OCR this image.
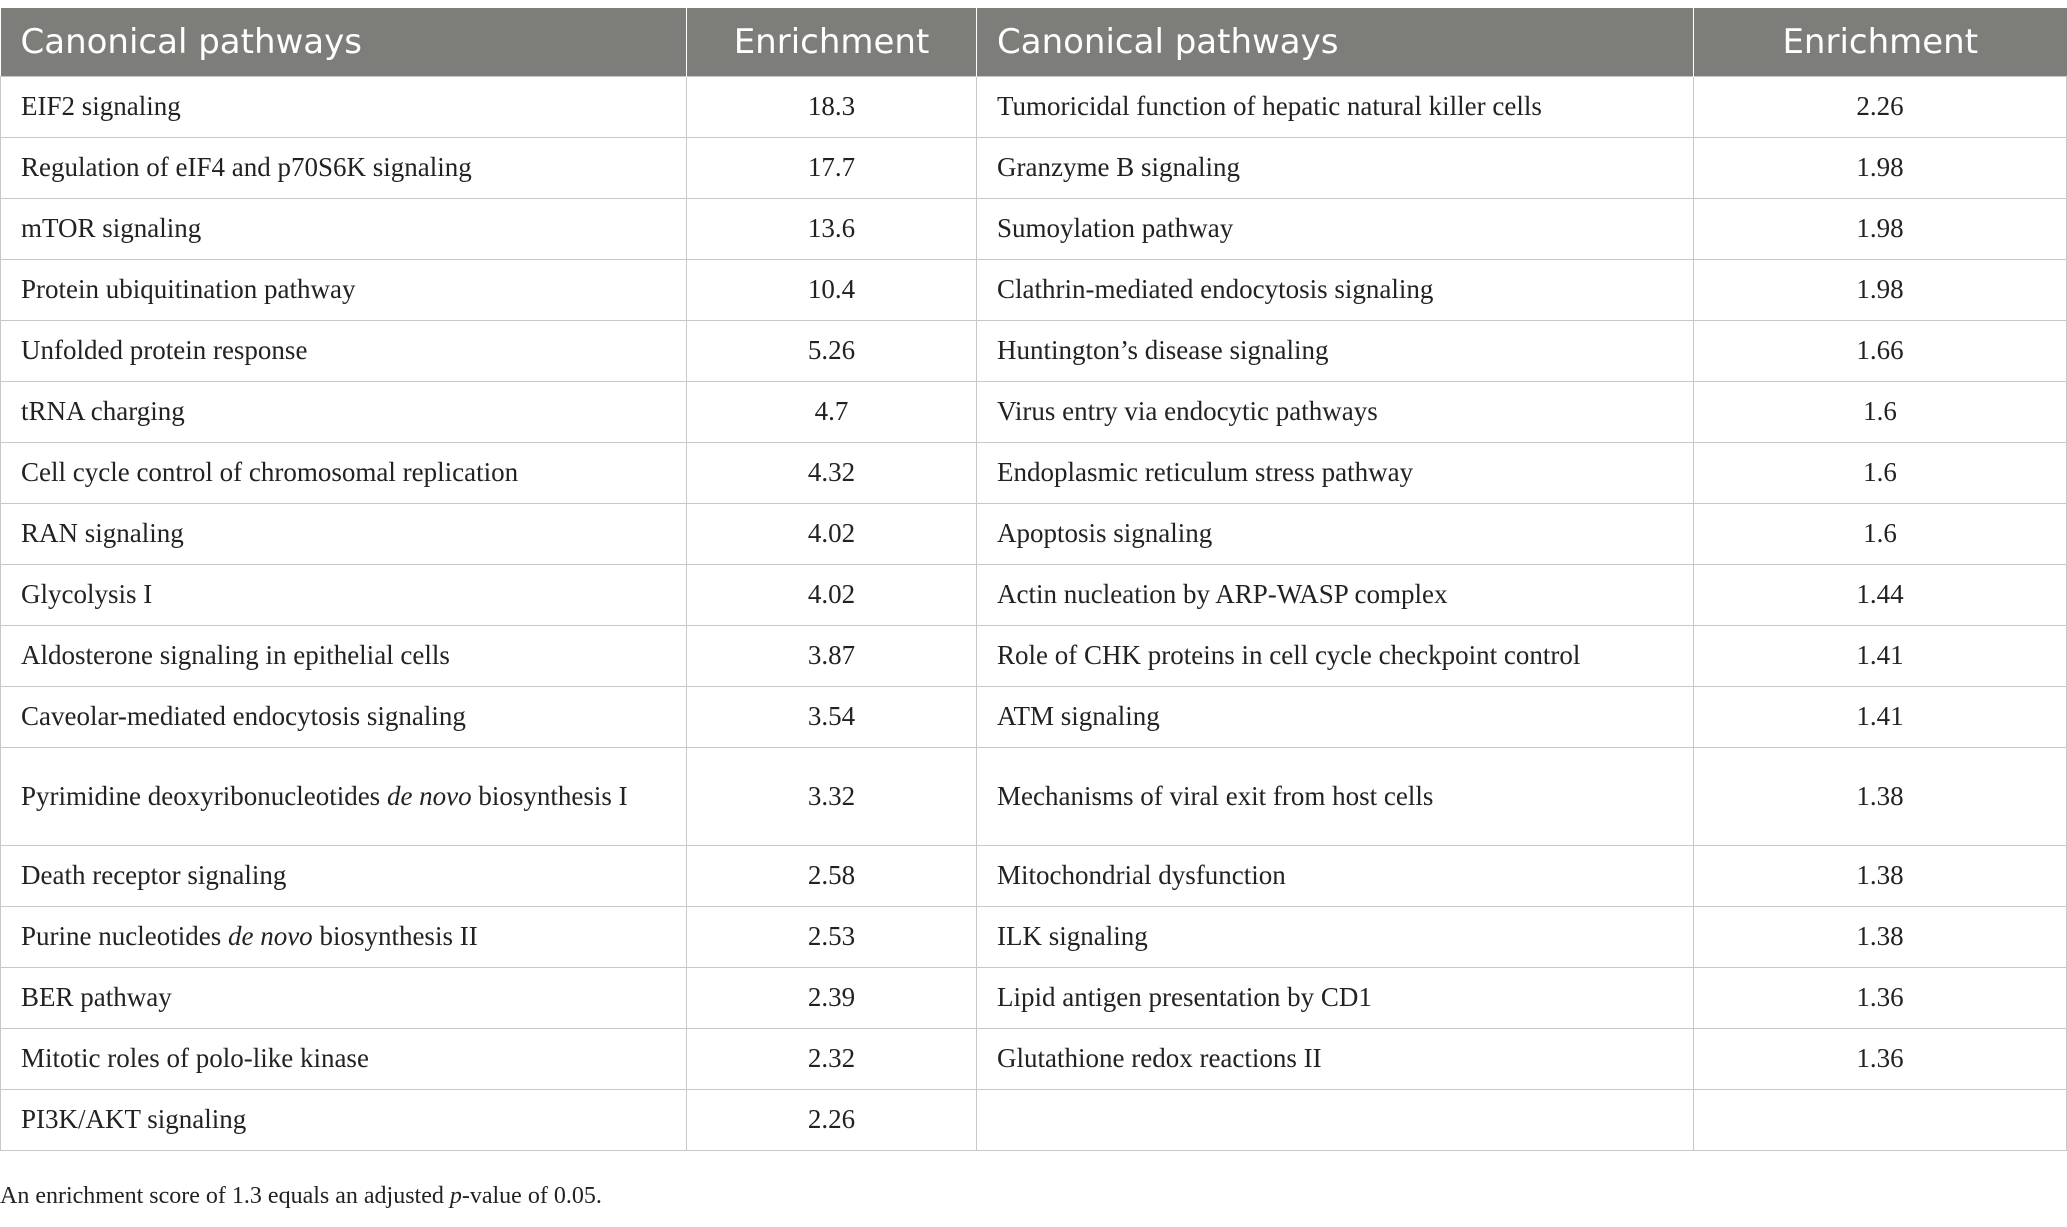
Canonical pathways	Enrichment	Canonical pathways	Enrichment
EIF2 signaling	18.3	Tumoricidal function of hepatic natural killer cells	2.26
Regulation of eIF4 and p70S6K signaling	17.7	Granzyme B signaling	1.98
mTOR signaling	13.6	Sumoylation pathway	1.98
Protein ubiquitination pathway	10.4	Clathrin-mediated endocytosis signaling	1.98
Unfolded protein response	5.26	Huntington’s disease signaling	1.66
tRNA charging	4.7	Virus entry via endocytic pathways	1.6
Cell cycle control of chromosomal replication	4.32	Endoplasmic reticulum stress pathway	1.6
RAN signaling	4.02	Apoptosis signaling	1.6
Glycolysis I	4.02	Actin nucleation by ARP-WASP complex	1.44
Aldosterone signaling in epithelial cells	3.87	Role of CHK proteins in cell cycle checkpoint control	1.41
Caveolar-mediated endocytosis signaling	3.54	ATM signaling	1.41
Pyrimidine deoxyribonucleotides de novo biosynthesis I	3.32	Mechanisms of viral exit from host cells	1.38
Death receptor signaling	2.58	Mitochondrial dysfunction	1.38
Purine nucleotides de novo biosynthesis II	2.53	ILK signaling	1.38
BER pathway	2.39	Lipid antigen presentation by CD1	1.36
Mitotic roles of polo-like kinase	2.32	Glutathione redox reactions II	1.36
PI3K/AKT signaling	2.26		
An enrichment score of 1.3 equals an adjusted p-value of 0.05.
